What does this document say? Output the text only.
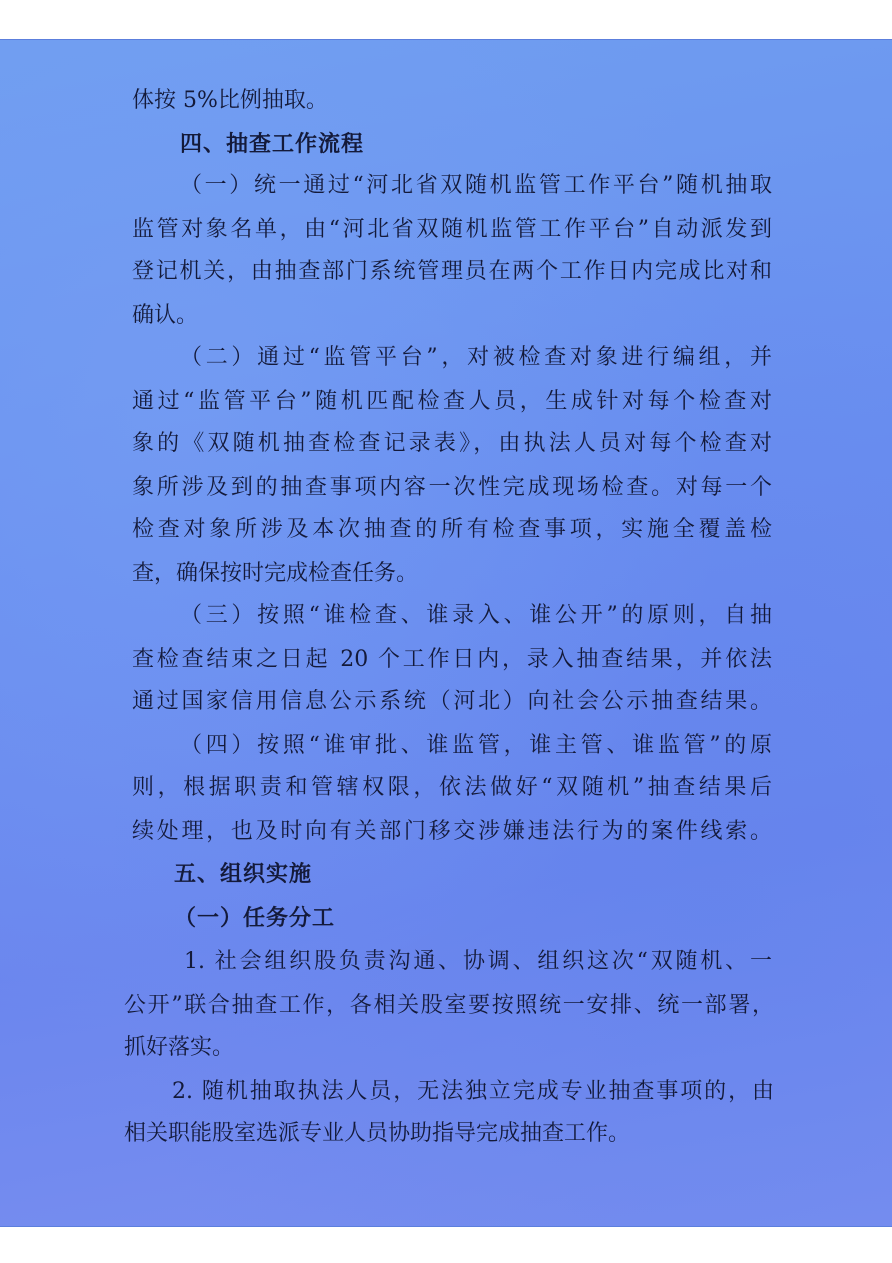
体按 5%比例抽取。
四、抽查工作流程
（一）统一通过“河北省双随机监管工作平台”随机抽取
监管对象名单，由“河北省双随机监管工作平台”自动派发到
登记机关，由抽查部门系统管理员在两个工作日内完成比对和
确认。
（二）通过“监管平台”，对被检查对象进行编组，并
通过“监管平台”随机匹配检查人员，生成针对每个检查对
象的《双随机抽查检查记录表》，由执法人员对每个检查对
象所涉及到的抽查事项内容一次性完成现场检查。对每一个
检查对象所涉及本次抽查的所有检查事项，实施全覆盖检
查，确保按时完成检查任务。
（三）按照“谁检查、谁录入、谁公开”的原则，自抽
查检查结束之日起 20 个工作日内，录入抽查结果，并依法
通过国家信用信息公示系统（河北）向社会公示抽查结果。
（四）按照“谁审批、谁监管，谁主管、谁监管”的原
则，根据职责和管辖权限，依法做好“双随机”抽查结果后
续处理，也及时向有关部门移交涉嫌违法行为的案件线索。
五、组织实施
（一）任务分工
1. 社会组织股负责沟通、协调、组织这次“双随机、一
公开”联合抽查工作，各相关股室要按照统一安排、统一部署，
抓好落实。
2. 随机抽取执法人员，无法独立完成专业抽查事项的，由
相关职能股室选派专业人员协助指导完成抽查工作。
